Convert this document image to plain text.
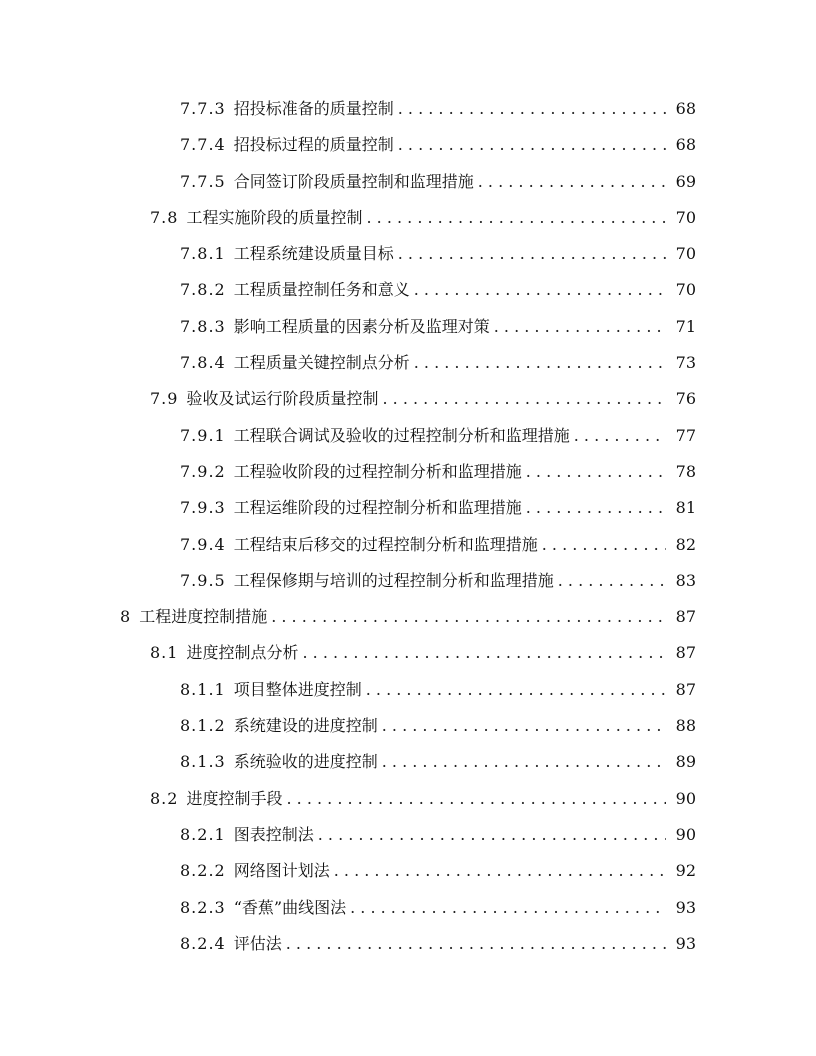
7.7.3 招投标准备的质量控制 . . .	68
7.7.4 招投标过程的质量控制 . . .	68
7.7.5 合同签订阶段质量控制和监理措施 . . .	69
7.8 工程实施阶段的质量控制 . . .	70
7.8.1 工程系统建设质量目标 . . .	70
7.8.2 工程质量控制任务和意义 . . .	70
7.8.3 影响工程质量的因素分析及监理对策 . . .	71
7.8.4 工程质量关键控制点分析 . . .	73
7.9 验收及试运行阶段质量控制 . . .	76
7.9.1 工程联合调试及验收的过程控制分析和监理措施 . . .	77
7.9.2 工程验收阶段的过程控制分析和监理措施 . . .	78
7.9.3 工程运维阶段的过程控制分析和监理措施 . . .	81
7.9.4 工程结束后移交的过程控制分析和监理措施 . . .	82
7.9.5 工程保修期与培训的过程控制分析和监理措施 . . .	83
8 工程进度控制措施 . . .	87
8.1 进度控制点分析 . . .	87
8.1.1 项目整体进度控制 . . .	87
8.1.2 系统建设的进度控制 . . .	88
8.1.3 系统验收的进度控制 . . .	89
8.2 进度控制手段 . . .	90
8.2.1 图表控制法 . . .	90
8.2.2 网络图计划法 . . .	92
8.2.3 “香蕉”曲线图法 . . .	93
8.2.4 评估法 . . .	93
